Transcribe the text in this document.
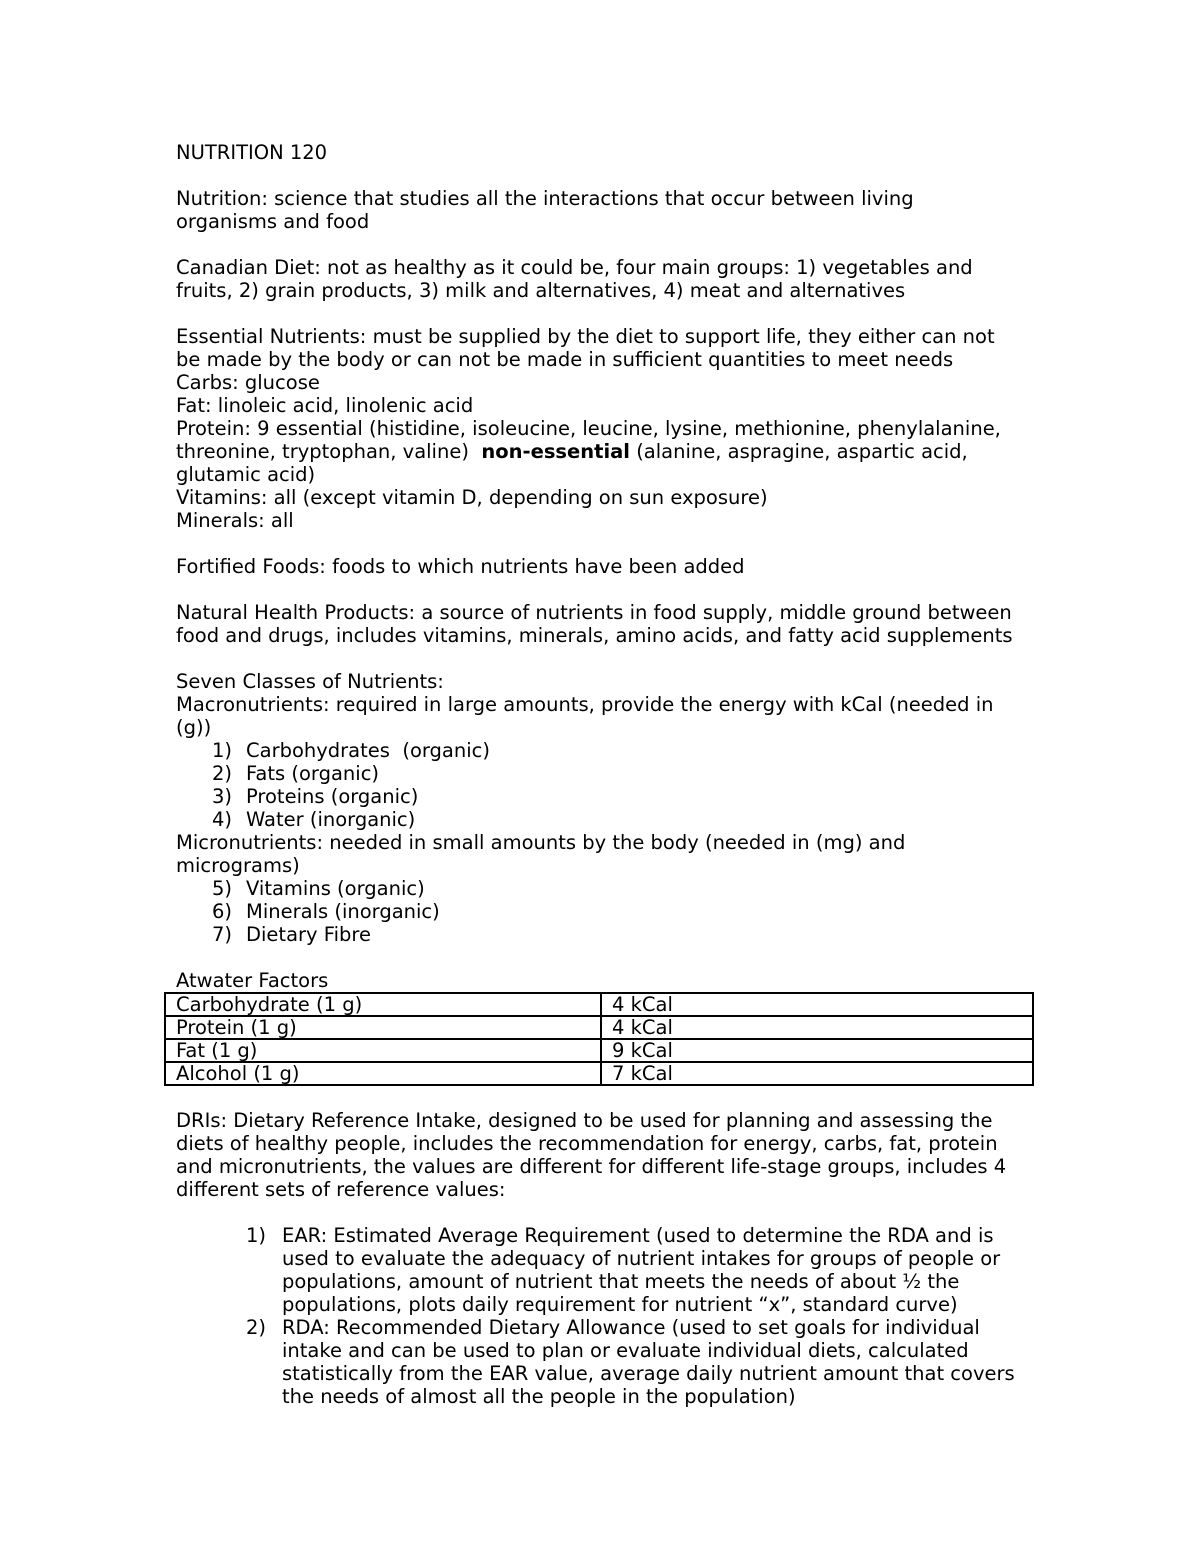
NUTRITION 120

Nutrition: science that studies all the interactions that occur between living

organisms and food

Canadian Diet: not as healthy as it could be, four main groups: 1) vegetables and

fruits, 2) grain products, 3) milk and alternatives, 4) meat and alternatives

Essential Nutrients: must be supplied by the diet to support life, they either can not

be made by the body or can not be made in sufficient quantities to meet needs

Carbs: glucose

Fat: linoleic acid, linolenic acid

Protein: 9 essential (histidine, isoleucine, leucine, lysine, methionine, phenylalanine,

threonine, tryptophan, valine)  non-essential (alanine, aspragine, aspartic acid,

glutamic acid)

Vitamins: all (except vitamin D, depending on sun exposure)

Minerals: all

Fortified Foods: foods to which nutrients have been added

Natural Health Products: a source of nutrients in food supply, middle ground between

food and drugs, includes vitamins, minerals, amino acids, and fatty acid supplements

Seven Classes of Nutrients:

Macronutrients: required in large amounts, provide the energy with kCal (needed in

(g))

1) Carbohydrates  (organic)
2) Fats (organic)
3) Proteins (organic)
4) Water (inorganic)

Micronutrients: needed in small amounts by the body (needed in (mg) and

micrograms)

5) Vitamins (organic)
6) Minerals (inorganic)
7) Dietary Fibre

Atwater Factors

Carbohydrate (1 g)	4 kCal
Protein (1 g)	4 kCal
Fat (1 g)	9 kCal
Alcohol (1 g)	7 kCal

DRIs: Dietary Reference Intake, designed to be used for planning and assessing the

diets of healthy people, includes the recommendation for energy, carbs, fat, protein

and micronutrients, the values are different for different life-stage groups, includes 4

different sets of reference values:

1) EAR: Estimated Average Requirement (used to determine the RDA and is

used to evaluate the adequacy of nutrient intakes for groups of people or

populations, amount of nutrient that meets the needs of about ½ the

populations, plots daily requirement for nutrient “x”, standard curve)

2) RDA: Recommended Dietary Allowance (used to set goals for individual

intake and can be used to plan or evaluate individual diets, calculated

statistically from the EAR value, average daily nutrient amount that covers

the needs of almost all the people in the population)
